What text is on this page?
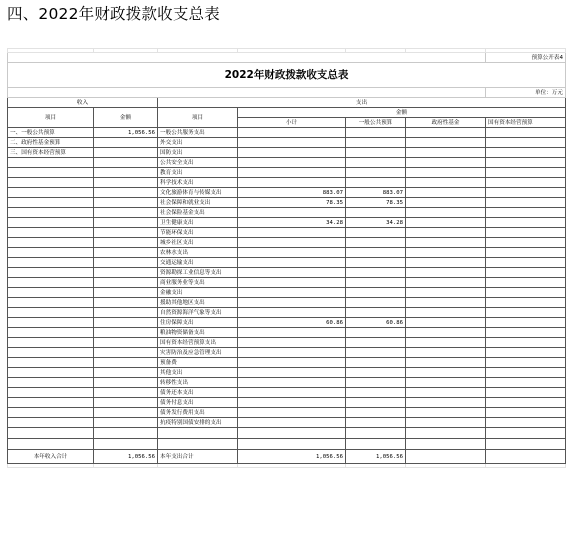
四、2022年财政拨款收支总表

						预算公开表4
2022年财政拨款收支总表						
						单位：万元
收入		支出				
项目	金额	项目	金额			
			小计	一般公共预算	政府性基金	国有资本经营预算
一、一般公共预算	1,056.56	一般公共服务支出				
二、政府性基金预算		外交支出				
三、国有资本经营预算		国防支出				
		公共安全支出				
		教育支出				
		科学技术支出				
		文化旅游体育与传媒支出	883.07	883.07		
		社会保障和就业支出	78.35	78.35		
		社会保险基金支出				
		卫生健康支出	34.28	34.28		
		节能环保支出				
		城乡社区支出				
		农林水支出				
		交通运输支出				
		资源勘探工业信息等支出				
		商业服务业等支出				
		金融支出				
		援助其他地区支出				
		自然资源海洋气象等支出				
		住房保障支出	60.86	60.86		
		粮油物资储备支出				
		国有资本经营预算支出				
		灾害防治及应急管理支出				
		预备费				
		其他支出				
		转移性支出				
		债务还本支出				
		债务付息支出				
		债务发行费用支出				
		抗疫特别国债安排的支出				

本年收入合计	1,056.56	本年支出合计	1,056.56	1,056.56		
